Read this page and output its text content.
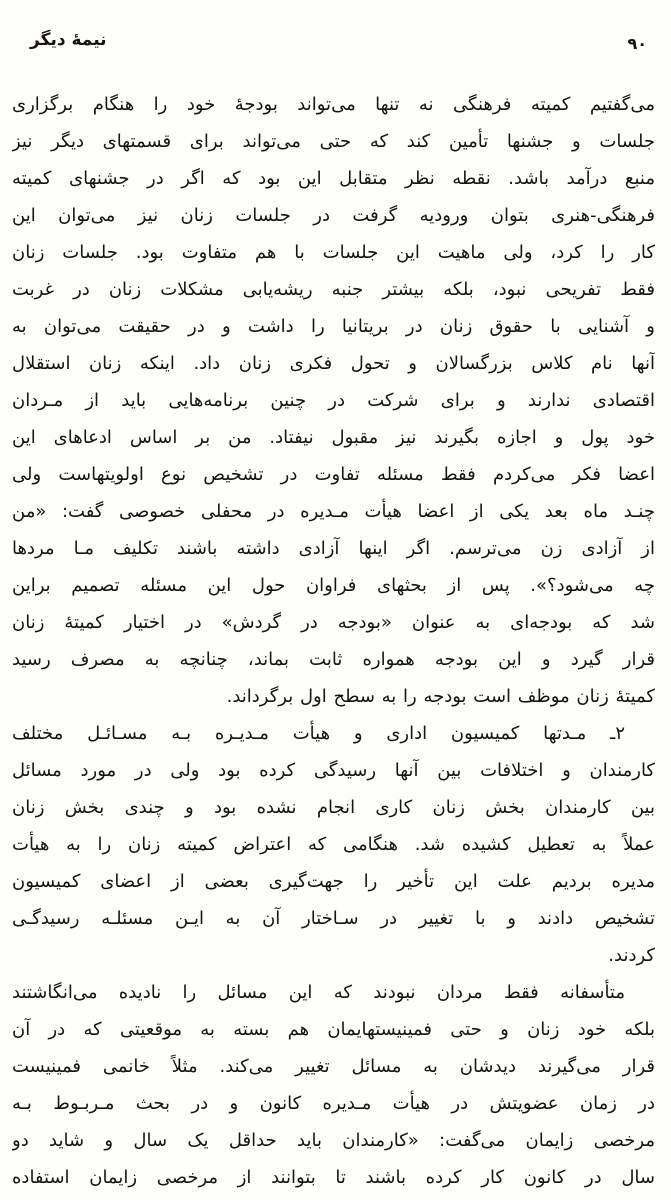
نیمهٔ دیگر	۹۰
می‌گفتیم کمیته فرهنگی نه تنها می‌تواند بودجهٔ خود را هنگام برگزاری
جلسات و جشنها تأمین کند که حتی می‌تواند برای قسمتهای دیگر نیز
منبع درآمد باشد. نقطه نظر متقابل این بود که اگر در جشنهای کمیته
فرهنگی-هنری بتوان ورودیه گرفت در جلسات زنان نیز می‌توان این
کار را کرد، ولی ماهیت این جلسات با هم متفاوت بود. جلسات زنان
فقط تفریحی نبود، بلکه بیشتر جنبه ریشه‌یابی مشکلات زنان در غربت
و آشنایی با حقوق زنان در بریتانیا را داشت و در حقیقت می‌توان به
آنها نام کلاس بزرگسالان و تحول فکری زنان داد. اینکه زنان استقلال
اقتصادی ندارند و برای شرکت در چنین برنامه‌هایی باید از مـردان
خود پول و اجازه بگیرند نیز مقبول نیفتاد. من بر اساس ادعاهای این
اعضا فکر می‌کردم فقط مسئله تفاوت در تشخیص نوع اولویتهاست ولی
چنـد ماه بعد یکی از اعضا هیأت مـدیره در محفلی خصوصی گفت: «من
از آزادی زن می‌ترسم. اگر اینها آزادی داشته باشند تکلیف مـا مردها
چه می‌شود؟». پس از بحثهای فراوان حول این مسئله تصمیم براین
شد که بودجه‌ای به عنوان «بودجه در گردش» در اختیار کمیتهٔ زنان
قرار گیرد و این بودجه همواره ثابت بماند، چنانچه به مصرف رسید
کمیتهٔ زنان موظف است بودجه را به سطح اول برگرداند.
۲ـ مـدتها کمیسیون اداری و هیأت مـدیـره بـه مسـائـل مختلف
کارمندان و اختلافات بین آنها رسیدگی کرده بود ولی در مورد مسائل
بین کارمندان بخش زنان کاری انجام نشده بود و چندی بخش زنان
عملاً به تعطیل کشیده شد. هنگامی که اعتراض کمیته زنان را به هیأت
مدیره بردیم علت این تأخیر را جهت‌گیری بعضی از اعضای کمیسیون
تشخیص دادند و با تغییر در سـاختار آن به ایـن مسئلـه رسیدگـی
کردند.
متأسفانه فقط مردان نبودند که این مسائل را نادیده می‌انگاشتند
بلکه خود زنان و حتی فمینیستهایمان هم بسته به موقعیتی که در آن
قرار می‌گیرند دیدشان به مسائل تغییر می‌کند. مثلاً خانمی فمینیست
در زمان عضویتش در هیأت مـدیره کانون و در بحث مـربـوط بـه
مرخصی زایمان می‌گفت: «کارمندان باید حداقل یک سال و شاید دو
سال در کانون کار کرده باشند تا بتوانند از مرخصی زایمان استفاده
